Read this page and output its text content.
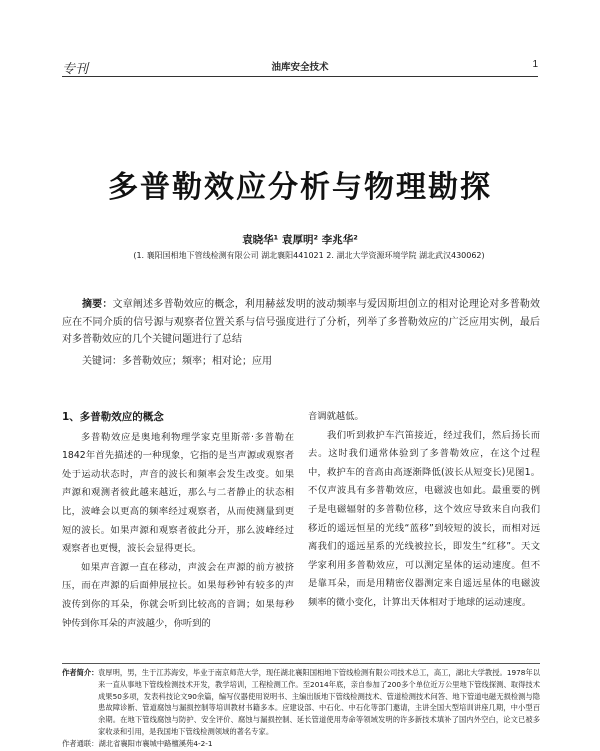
专刊	油库安全技术	1
多普勒效应分析与物理勘探
袁晓华¹ 袁厚明² 李兆华²
(1. 襄阳国相地下管线检测有限公司 湖北襄阳441021 2. 湖北大学资源环境学院 湖北武汉430062)
摘要：文章阐述多普勒效应的概念，利用赫兹发明的波动频率与爱因斯坦创立的相对论理论对多普勒效应在不同介质的信号源与观察者位置关系与信号强度进行了分析，列举了多普勒效应的广泛应用实例，最后对多普勒效应的几个关键问题进行了总结
关键词：多普勒效应；频率；相对论；应用
1、多普勒效应的概念

多普勒效应是奥地利物理学家克里斯蒂·多普勒在1842年首先描述的一种现象，它指的是当声源或观察者处于运动状态时，声音的波长和频率会发生改变。如果声源和观测者彼此越来越近，那么与二者静止的状态相比，波峰会以更高的频率经过观察者，从而使测量到更短的波长。如果声源和观察者彼此分开，那么波峰经过观察者也更慢，波长会显得更长。

如果声音源一直在移动，声波会在声源的前方被挤压，而在声源的后面伸展拉长。如果每秒钟有较多的声波传到你的耳朵，你就会听到比较高的音调；如果每秒钟传到你耳朵的声波越少，你听到的

音调就越低。

我们听到救护车汽笛接近，经过我们，然后扬长而去。这时我们通常体验到了多普勒效应，在这个过程中，救护车的音高由高逐渐降低(波长从短变长)见图1。不仅声波具有多普勒效应，电磁波也如此。最重要的例子是电磁辐射的多普勒位移，这个效应导致来自向我们移近的遥远恒星的光线“蓝移”到较短的波长，而相对远离我们的遥远星系的光线被拉长，即发生“红移”。天文学家利用多普勒效应，可以测定星体的运动速度。但不是靠耳朵，而是用精密仪器测定来自遥远星体的电磁波频率的微小变化，计算出天体相对于地球的运动速度。

作者简介： 袁厚明，男，生于江苏海安，毕业于南京师范大学，现任湖北襄阳国相地下管线检测有限公司技术总工，高工，湖北大学教授。1978年以来一直从事地下管线检测技术开发，教学培训，工程检测工作。至2014年底，亲自参加了200多个单位近万公里地下管线探测、取得技术成果50多项，发表科技论文90余篇，编写仪器使用说明书、主编出版地下管线检测技术、管道检测技术问答、地下管道电磁无损检测与隐患故障诊断、管道腐蚀与漏损控制等培训教材书籍多本。应建设部、中石化、中石化等部门邀请，主讲全国大型培训讲座几期，中小型百余期。在地下管线腐蚀与防护、安全评价、腐蚀与漏损控制、延长管道使用寿命等领域发明的许多新技术填补了国内外空白，论文已被多家收录和引用，是我国地下管线检测领域的著名专家。
作者通联：湖北省襄阳市襄城中路檀溪苑4-2-1
